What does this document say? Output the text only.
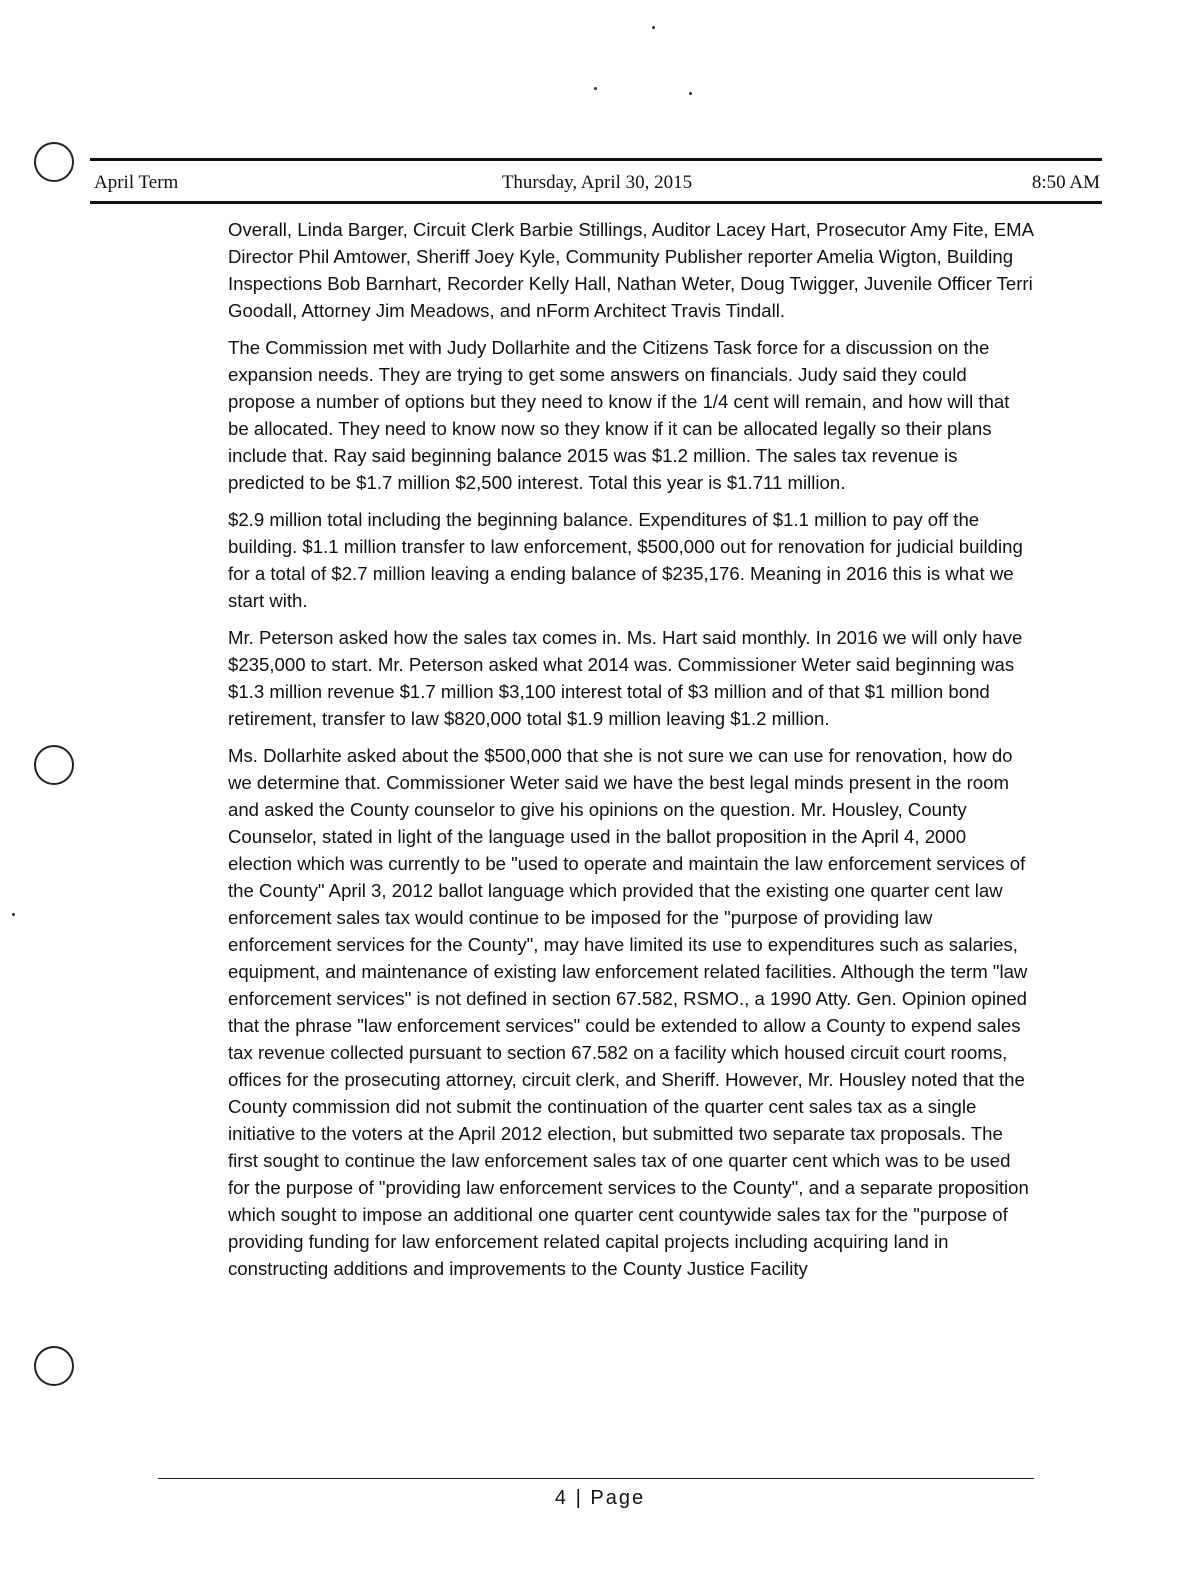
April Term	Thursday, April 30, 2015	8:50 AM

Overall, Linda Barger, Circuit Clerk Barbie Stillings, Auditor Lacey Hart, Prosecutor Amy Fite, EMA Director Phil Amtower, Sheriff Joey Kyle, Community Publisher reporter Amelia Wigton, Building Inspections Bob Barnhart, Recorder Kelly Hall, Nathan Weter, Doug Twigger, Juvenile Officer Terri Goodall, Attorney Jim Meadows, and nForm Architect Travis Tindall.

The Commission met with Judy Dollarhite and the Citizens Task force for a discussion on the expansion needs. They are trying to get some answers on financials. Judy said they could propose a number of options but they need to know if the 1/4 cent will remain, and how will that be allocated. They need to know now so they know if it can be allocated legally so their plans include that. Ray said beginning balance 2015 was $1.2 million. The sales tax revenue is predicted to be $1.7 million $2,500 interest. Total this year is $1.711 million.

$2.9 million total including the beginning balance. Expenditures of $1.1 million to pay off the building. $1.1 million transfer to law enforcement, $500,000 out for renovation for judicial building for a total of $2.7 million leaving a ending balance of $235,176. Meaning in 2016 this is what we start with.

Mr. Peterson asked how the sales tax comes in. Ms. Hart said monthly. In 2016 we will only have $235,000 to start. Mr. Peterson asked what 2014 was. Commissioner Weter said beginning was $1.3 million revenue $1.7 million $3,100 interest total of $3 million and of that $1 million bond retirement, transfer to law $820,000 total $1.9 million leaving $1.2 million.

Ms. Dollarhite asked about the $500,000 that she is not sure we can use for renovation, how do we determine that. Commissioner Weter said we have the best legal minds present in the room and asked the County counselor to give his opinions on the question. Mr. Housley, County Counselor, stated in light of the language used in the ballot proposition in the April 4, 2000 election which was currently to be "used to operate and maintain the law enforcement services of the County" April 3, 2012 ballot language which provided that the existing one quarter cent law enforcement sales tax would continue to be imposed for the "purpose of providing law enforcement services for the County", may have limited its use to expenditures such as salaries, equipment, and maintenance of existing law enforcement related facilities. Although the term "law enforcement services" is not defined in section 67.582, RSMO., a 1990 Atty. Gen. Opinion opined that the phrase "law enforcement services" could be extended to allow a County to expend sales tax revenue collected pursuant to section 67.582 on a facility which housed circuit court rooms, offices for the prosecuting attorney, circuit clerk, and Sheriff. However, Mr. Housley noted that the County commission did not submit the continuation of the quarter cent sales tax as a single initiative to the voters at the April 2012 election, but submitted two separate tax proposals. The first sought to continue the law enforcement sales tax of one quarter cent which was to be used for the purpose of "providing law enforcement services to the County", and a separate proposition which sought to impose an additional one quarter cent countywide sales tax for the "purpose of providing funding for law enforcement related capital projects including acquiring land in constructing additions and improvements to the County Justice Facility

4 | Page
